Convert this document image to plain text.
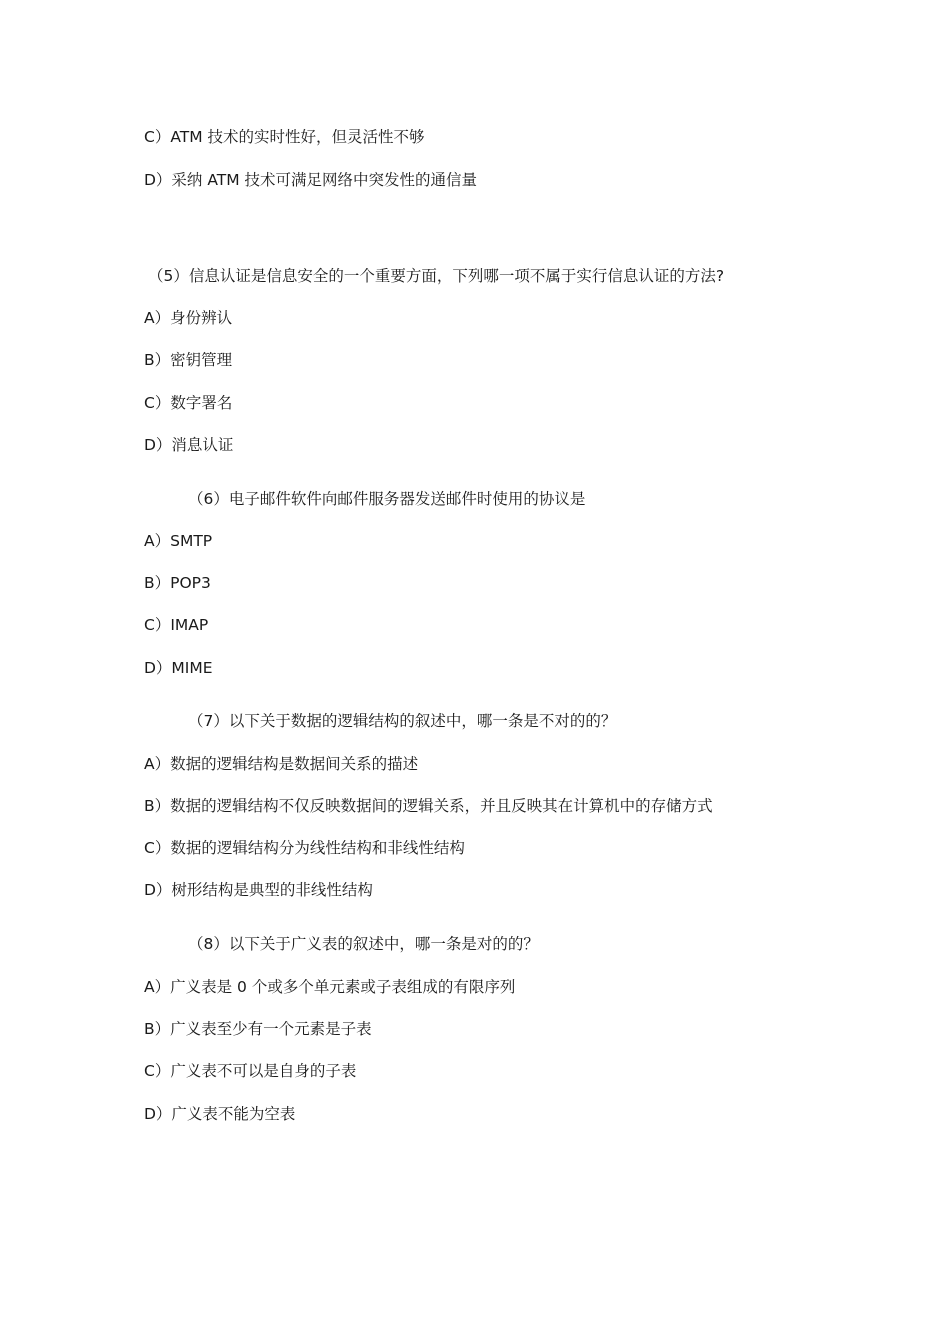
C）ATM 技术的实时性好，但灵活性不够
D）采纳 ATM 技术可满足网络中突发性的通信量
（5）信息认证是信息安全的一个重要方面，下列哪一项不属于实行信息认证的方法?
A）身份辨认
B）密钥管理
C）数字署名
D）消息认证
（6）电子邮件软件向邮件服务器发送邮件时使用的协议是
A）SMTP
B）POP3
C）IMAP
D）MIME
（7）以下关于数据的逻辑结构的叙述中，哪一条是不对的的？
A）数据的逻辑结构是数据间关系的描述
B）数据的逻辑结构不仅反映数据间的逻辑关系，并且反映其在计算机中的存储方式
C）数据的逻辑结构分为线性结构和非线性结构
D）树形结构是典型的非线性结构
（8）以下关于广义表的叙述中，哪一条是对的的？
A）广义表是 0 个或多个单元素或子表组成的有限序列
B）广义表至少有一个元素是子表
C）广义表不可以是自身的子表
D）广义表不能为空表
